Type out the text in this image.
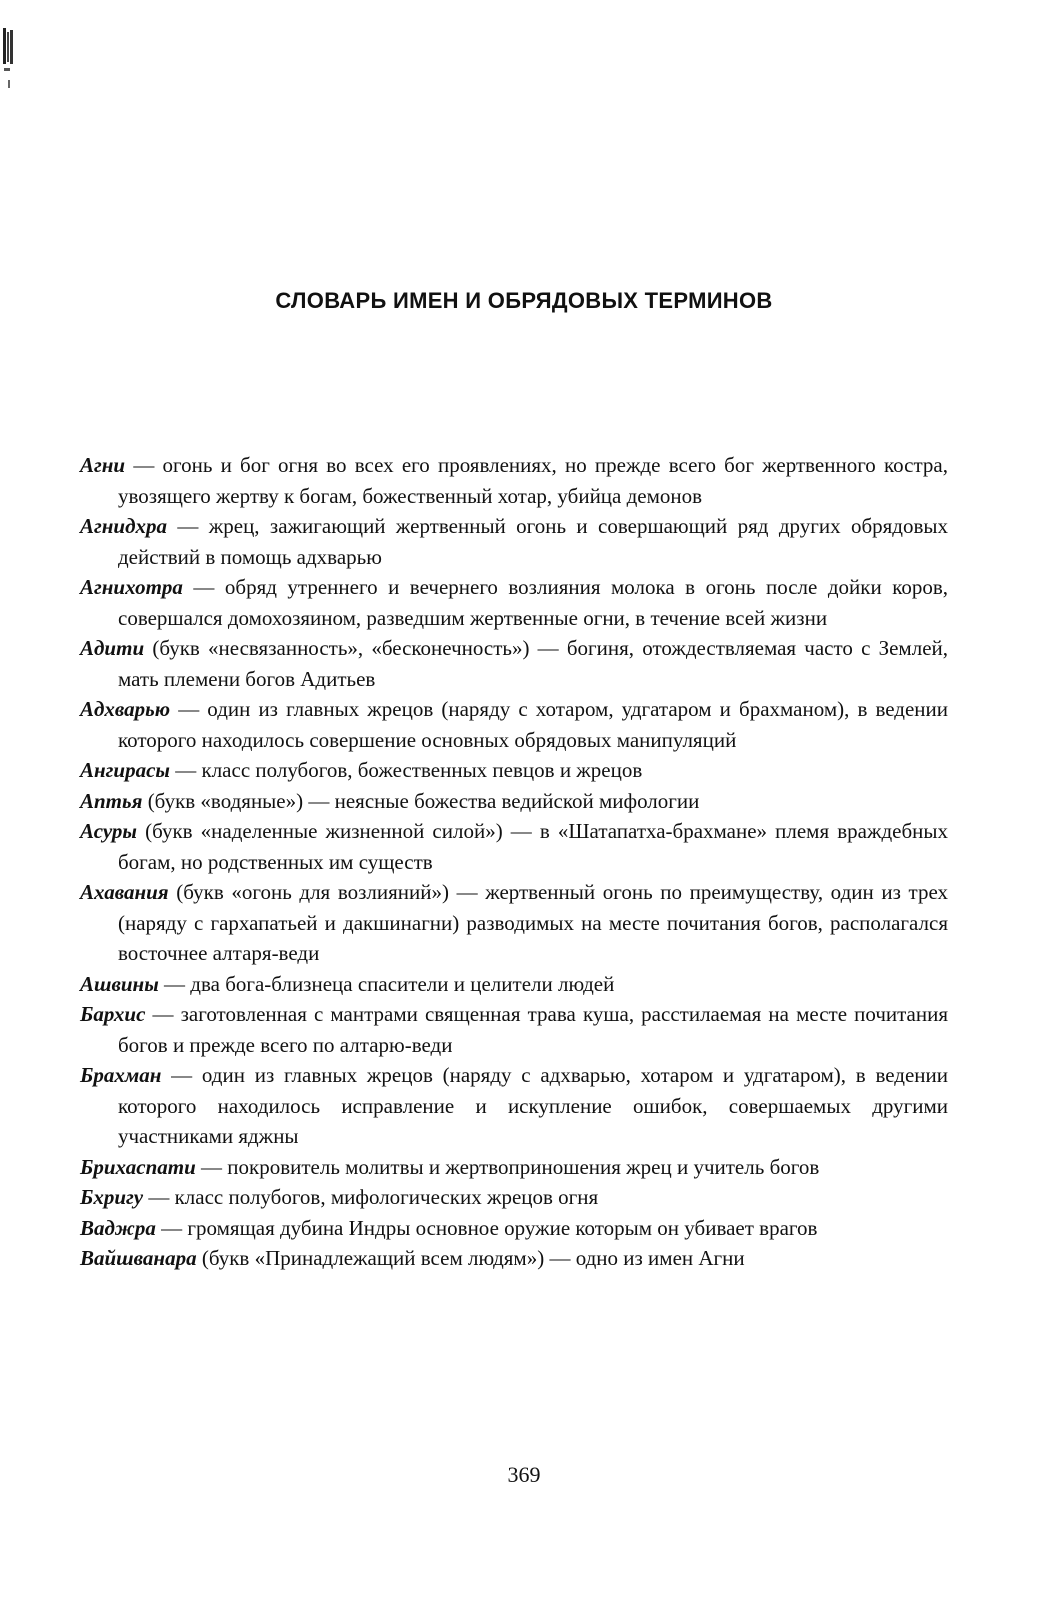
СЛОВАРЬ ИМЕН И ОБРЯДОВЫХ ТЕРМИНОВ
Агни — огонь и бог огня во всех его проявлениях, но прежде всего бог жертвенного костра, увозящего жертву к богам, божественный хотар, убийца демонов
Агнидхра — жрец, зажигающий жертвенный огонь и совершающий ряд других обрядовых действий в помощь адхварью
Агнихотра — обряд утреннего и вечернего возлияния молока в огонь после дойки коров, совершался домохозяином, разведшим жертвенные огни, в течение всей жизни
Адити (букв «несвязанность», «бесконечность») — богиня, отождествляемая часто с Землей, мать племени богов Адитьев
Адхварью — один из главных жрецов (наряду с хотаром, удгатаром и брахманом), в ведении которого находилось совершение основных обрядовых манипуляций
Ангирасы — класс полубогов, божественных певцов и жрецов
Аптья (букв «водяные») — неясные божества ведийской мифологии
Асуры (букв «наделенные жизненной силой») — в «Шатапатха-брахмане» племя враждебных богам, но родственных им существ
Ахавания (букв «огонь для возлияний») — жертвенный огонь по преимуществу, один из трех (наряду с гархапатьей и дакшинагни) разводимых на месте почитания богов, располагался восточнее алтаря-веди
Ашвины — два бога-близнеца спасители и целители людей
Бархис — заготовленная с мантрами священная трава куша, расстилаемая на месте почитания богов и прежде всего по алтарю-веди
Брахман — один из главных жрецов (наряду с адхварью, хотаром и удгатаром), в ведении которого находилось исправление и искупление ошибок, совершаемых другими участниками яджны
Брихаспати — покровитель молитвы и жертвоприношения жрец и учитель богов
Бхригу — класс полубогов, мифологических жрецов огня
Ваджра — громящая дубина Индры основное оружие которым он убивает врагов
Вайшванара (букв «Принадлежащий всем людям») — одно из имен Агни
369
